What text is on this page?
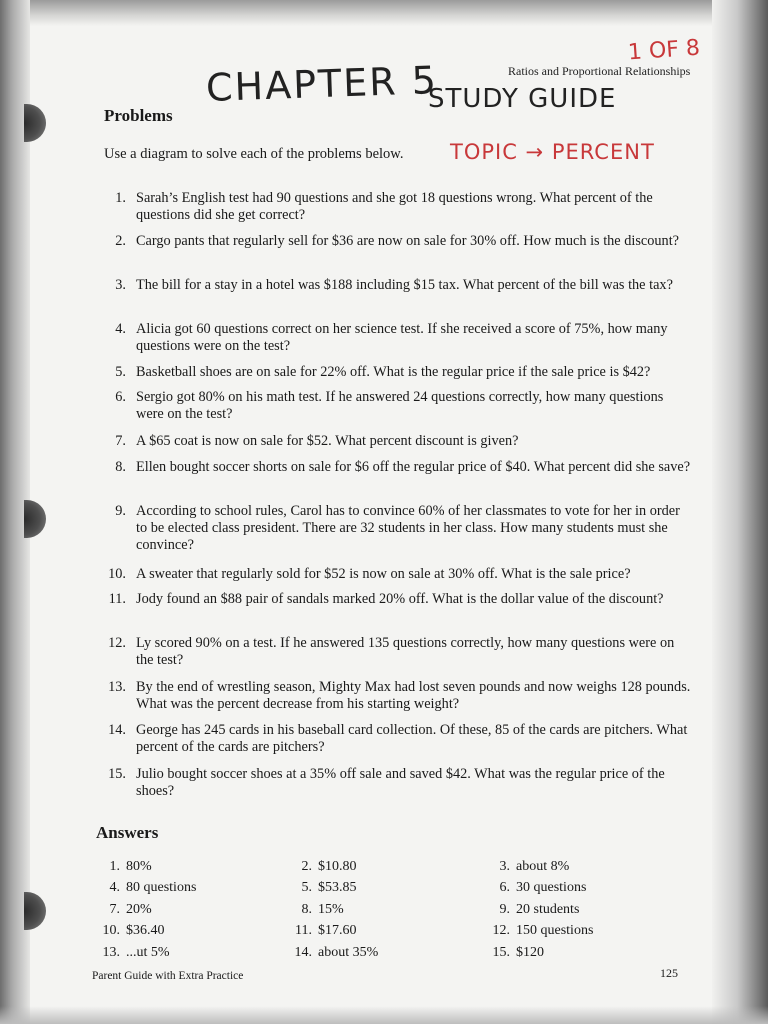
1 OF 8
Ratios and Proportional Relationships
CHAPTER 5
STUDY GUIDE
Problems
Use a diagram to solve each of the problems below. TOPIC → PERCENT
1. Sarah’s English test had 90 questions and she got 18 questions wrong. What percent of the questions did she get correct?
2. Cargo pants that regularly sell for $36 are now on sale for 30% off. How much is the discount?
3. The bill for a stay in a hotel was $188 including $15 tax. What percent of the bill was the tax?
4. Alicia got 60 questions correct on her science test. If she received a score of 75%, how many questions were on the test?
5. Basketball shoes are on sale for 22% off. What is the regular price if the sale price is $42?
6. Sergio got 80% on his math test. If he answered 24 questions correctly, how many questions were on the test?
7. A $65 coat is now on sale for $52. What percent discount is given?
8. Ellen bought soccer shorts on sale for $6 off the regular price of $40. What percent did she save?
9. According to school rules, Carol has to convince 60% of her classmates to vote for her in order to be elected class president. There are 32 students in her class. How many students must she convince?
10. A sweater that regularly sold for $52 is now on sale at 30% off. What is the sale price?
11. Jody found an $88 pair of sandals marked 20% off. What is the dollar value of the discount?
12. Ly scored 90% on a test. If he answered 135 questions correctly, how many questions were on the test?
13. By the end of wrestling season, Mighty Max had lost seven pounds and now weighs 128 pounds. What was the percent decrease from his starting weight?
14. George has 245 cards in his baseball card collection. Of these, 85 of the cards are pitchers. What percent of the cards are pitchers?
15. Julio bought soccer shoes at a 35% off sale and saved $42. What was the regular price of the shoes?
Answers
1. 80%	2. $10.80	3. about 8%
4. 80 questions	5. $53.85	6. 30 questions
7. 20%	8. 15%	9. 20 students
10. $36.40	11. $17.60	12. 150 questions
13. ...ut 5%	14. about 35%	15. $120
Parent Guide with Extra Practice	125
